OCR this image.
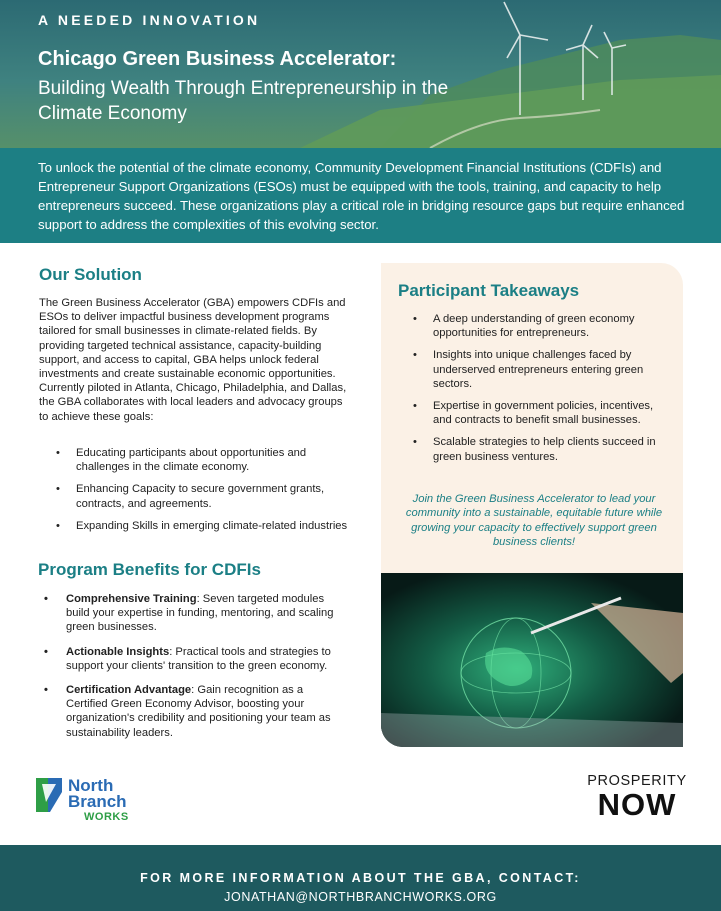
A NEEDED INNOVATION
Chicago Green Business Accelerator:
Building Wealth Through Entrepreneurship in the Climate Economy

To unlock the potential of the climate economy, Community Development Financial Institutions (CDFIs) and Entrepreneur Support Organizations (ESOs) must be equipped with the tools, training, and capacity to help entrepreneurs succeed. These organizations play a critical role in bridging resource gaps but require enhanced support to address the complexities of this evolving sector.

Our Solution

The Green Business Accelerator (GBA) empowers CDFIs and ESOs to deliver impactful business development programs tailored for small businesses in climate-related fields. By providing targeted technical assistance, capacity-building support, and access to capital, GBA helps unlock federal investments and create sustainable economic opportunities. Currently piloted in Atlanta, Chicago, Philadelphia, and Dallas, the GBA collaborates with local leaders and advocacy groups to achieve these goals:

• Educating participants about opportunities and challenges in the climate economy.
• Enhancing Capacity to secure government grants, contracts, and agreements.
• Expanding Skills in emerging climate-related industries
Program Benefits for CDFIs
• Comprehensive Training: Seven targeted modules build your expertise in funding, mentoring, and scaling green businesses.
• Actionable Insights: Practical tools and strategies to support your clients' transition to the green economy.
• Certification Advantage: Gain recognition as a Certified Green Economy Advisor, boosting your organization's credibility and positioning your team as sustainability leaders.
Participant Takeaways
• A deep understanding of green economy opportunities for entrepreneurs.
• Insights into unique challenges faced by underserved entrepreneurs entering green sectors.
• Expertise in government policies, incentives, and contracts to benefit small businesses.
• Scalable strategies to help clients succeed in green business ventures.

Join the Green Business Accelerator to lead your community into a sustainable, equitable future while growing your capacity to effectively support green business clients!

North
Branch
WORKS
PROSPERITY
NOW
FOR MORE INFORMATION ABOUT THE GBA, CONTACT:
JONATHAN@NORTHBRANCHWORKS.ORG
